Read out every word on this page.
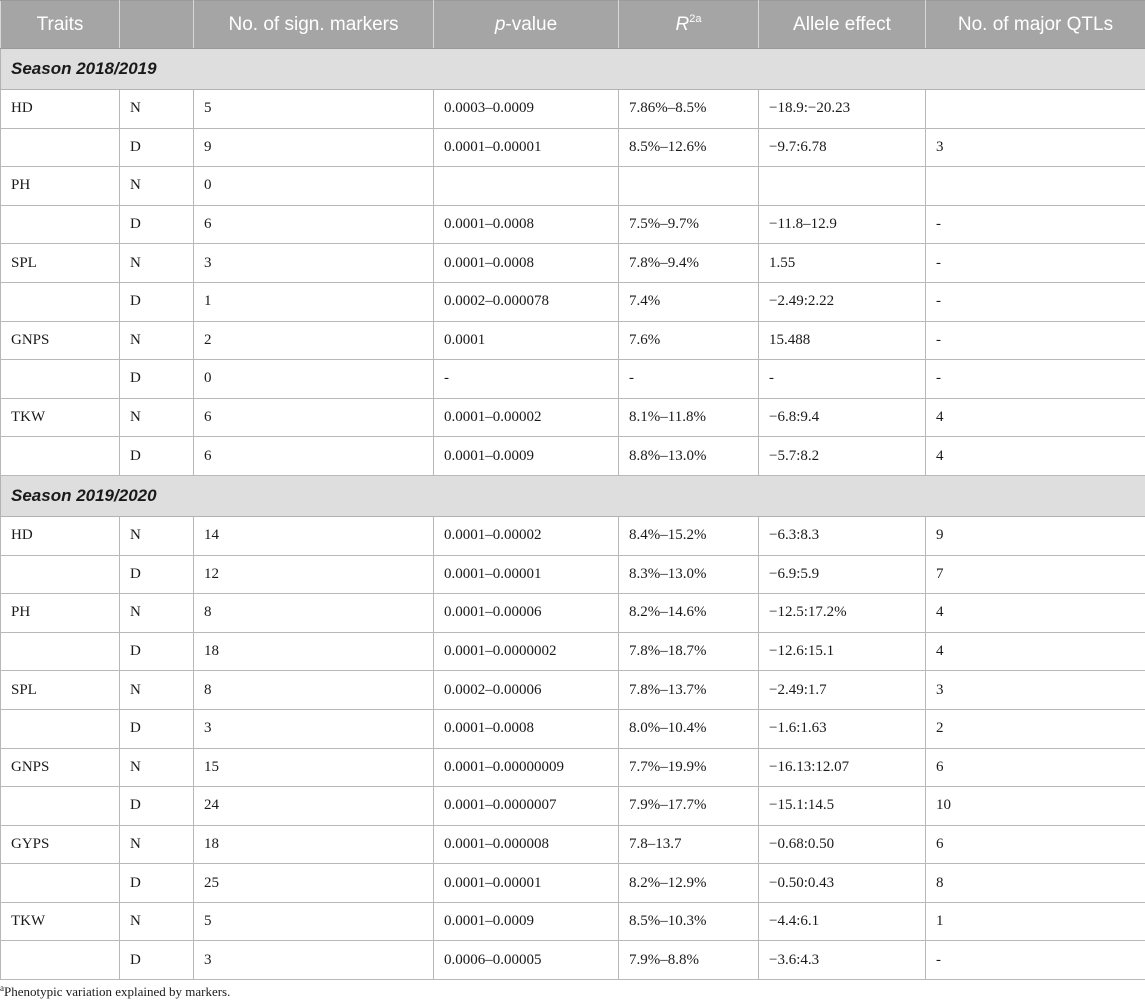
Traits		No. of sign. markers	p-value	$R^{2a}$	Allele effect	No. of major QTLs
Season 2018/2019						
HD	N	5	0.0003–0.0009	7.86%–8.5%	−18.9:−20.23	
	D	9	0.0001–0.00001	8.5%–12.6%	−9.7:6.78	3
PH	N	0				
	D	6	0.0001–0.0008	7.5%–9.7%	−11.8–12.9	-
SPL	N	3	0.0001–0.0008	7.8%–9.4%	1.55	-
	D	1	0.0002–0.000078	7.4%	−2.49:2.22	-
GNPS	N	2	0.0001	7.6%	15.488	-
	D	0	-	-	-	-
TKW	N	6	0.0001–0.00002	8.1%–11.8%	−6.8:9.4	4
	D	6	0.0001–0.0009	8.8%–13.0%	−5.7:8.2	4
Season 2019/2020						
HD	N	14	0.0001–0.00002	8.4%–15.2%	−6.3:8.3	9
	D	12	0.0001–0.00001	8.3%–13.0%	−6.9:5.9	7
PH	N	8	0.0001–0.00006	8.2%–14.6%	−12.5:17.2%	4
	D	18	0.0001–0.0000002	7.8%–18.7%	−12.6:15.1	4
SPL	N	8	0.0002–0.00006	7.8%–13.7%	−2.49:1.7	3
	D	3	0.0001–0.0008	8.0%–10.4%	−1.6:1.63	2
GNPS	N	15	0.0001–0.00000009	7.7%–19.9%	−16.13:12.07	6
	D	24	0.0001–0.0000007	7.9%–17.7%	−15.1:14.5	10
GYPS	N	18	0.0001–0.000008	7.8–13.7	−0.68:0.50	6
	D	25	0.0001–0.00001	8.2%–12.9%	−0.50:0.43	8
TKW	N	5	0.0001–0.0009	8.5%–10.3%	−4.4:6.1	1
	D	3	0.0006–0.00005	7.9%–8.8%	−3.6:4.3	-
$^a$Phenotypic variation explained by markers.
